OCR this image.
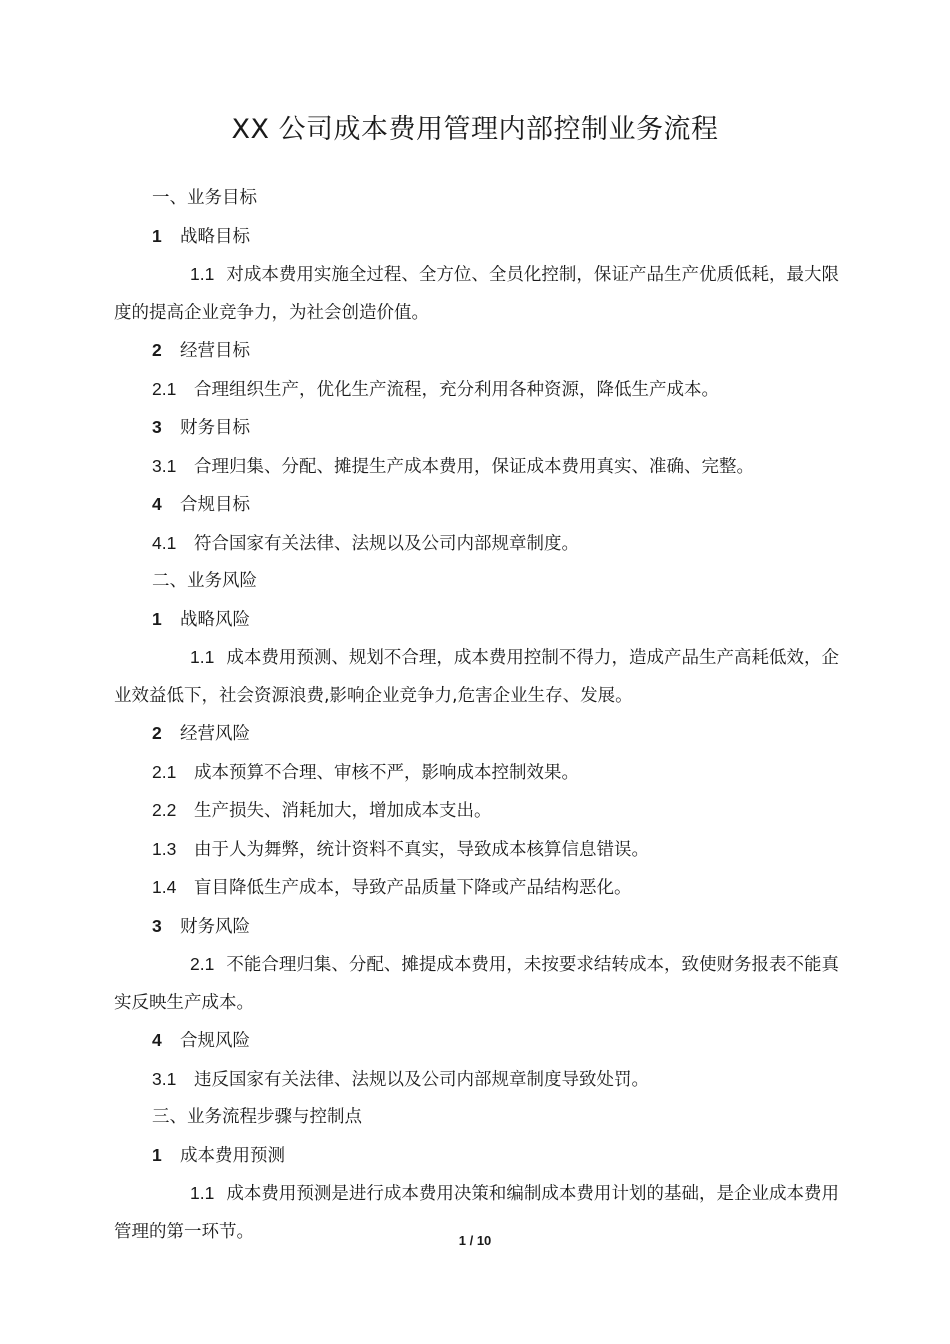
XX 公司成本费用管理内部控制业务流程
一、业务目标
1 战略目标
1.1 对成本费用实施全过程、全方位、全员化控制，保证产品生产优质低耗，最大限度的提高企业竞争力，为社会创造价值。
2 经营目标
2.1 合理组织生产，优化生产流程，充分利用各种资源，降低生产成本。
3 财务目标
3.1 合理归集、分配、摊提生产成本费用，保证成本费用真实、准确、完整。
4 合规目标
4.1 符合国家有关法律、法规以及公司内部规章制度。
二、业务风险
1 战略风险
1.1 成本费用预测、规划不合理，成本费用控制不得力，造成产品生产高耗低效，企业效益低下，社会资源浪费,影响企业竞争力,危害企业生存、发展。
2 经营风险
2.1 成本预算不合理、审核不严，影响成本控制效果。
2.2 生产损失、消耗加大，增加成本支出。
1.3 由于人为舞弊，统计资料不真实，导致成本核算信息错误。
1.4 盲目降低生产成本，导致产品质量下降或产品结构恶化。
3 财务风险
2.1 不能合理归集、分配、摊提成本费用，未按要求结转成本，致使财务报表不能真实反映生产成本。
4 合规风险
3.1 违反国家有关法律、法规以及公司内部规章制度导致处罚。
三、业务流程步骤与控制点
1 成本费用预测
1.1 成本费用预测是进行成本费用决策和编制成本费用计划的基础，是企业成本费用管理的第一环节。	1 / 10
